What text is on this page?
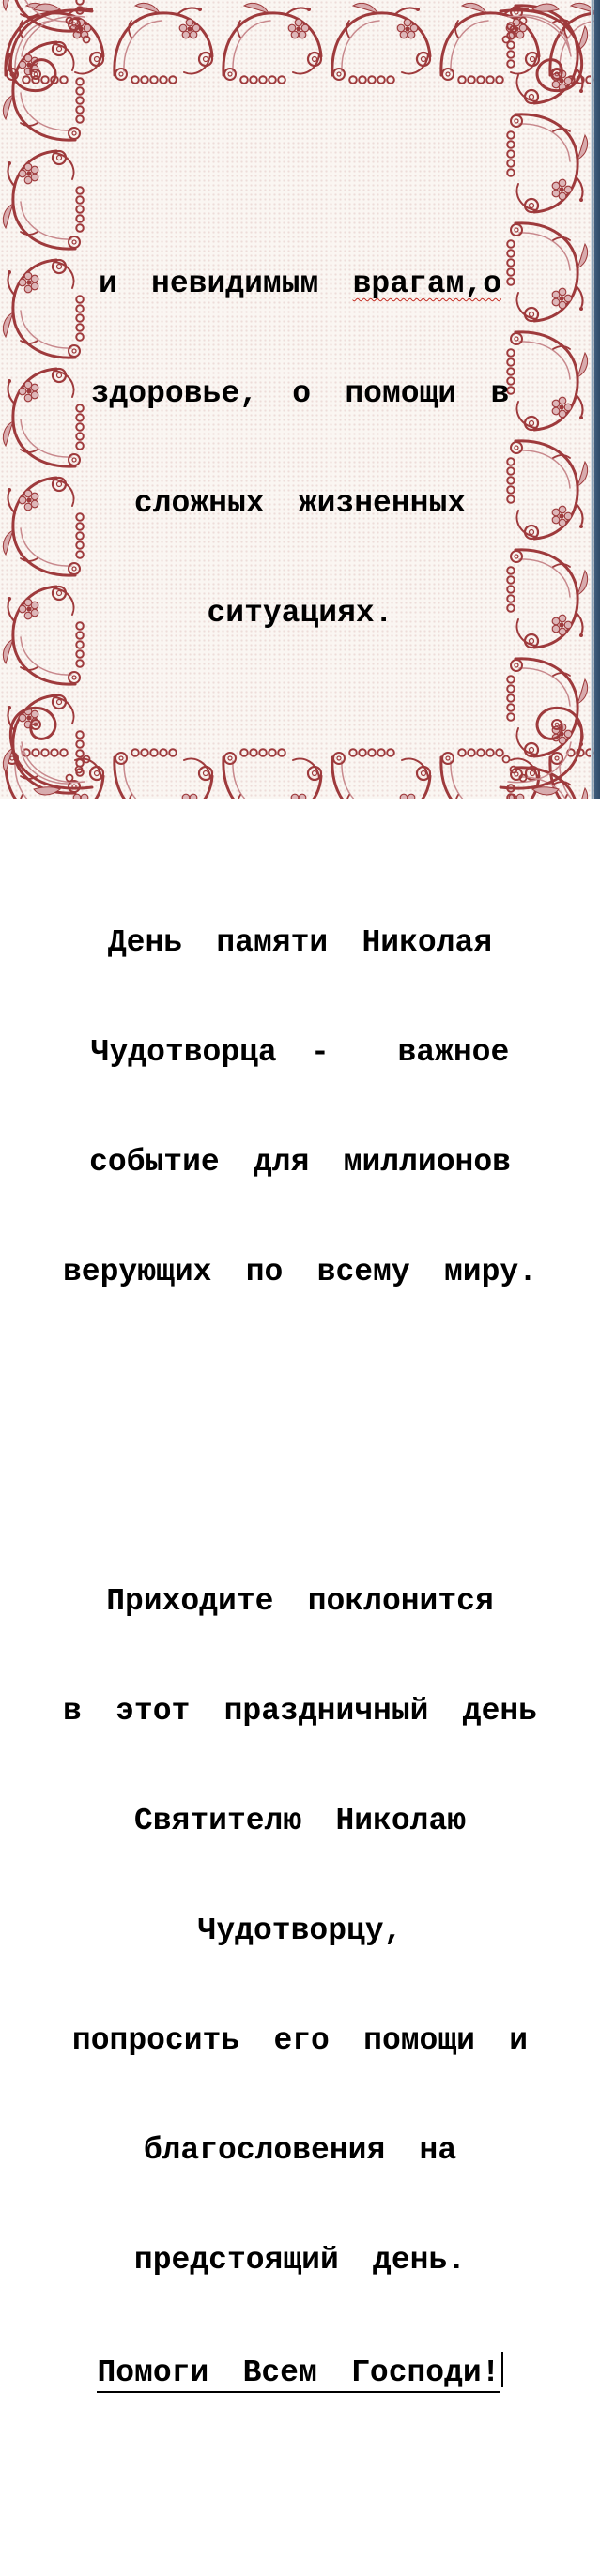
и невидимым врагам,о

здоровье, о помощи в

сложных жизненных

ситуациях.

День памяти Николая

Чудотворца -  важное

событие для миллионов

верующих по всему миру.

Приходите поклонится

в этот праздничный день

Святителю Николаю

Чудотворцу,

попросить его помощи и

благословения на

предстоящий день.

Помоги Всем Господи!
